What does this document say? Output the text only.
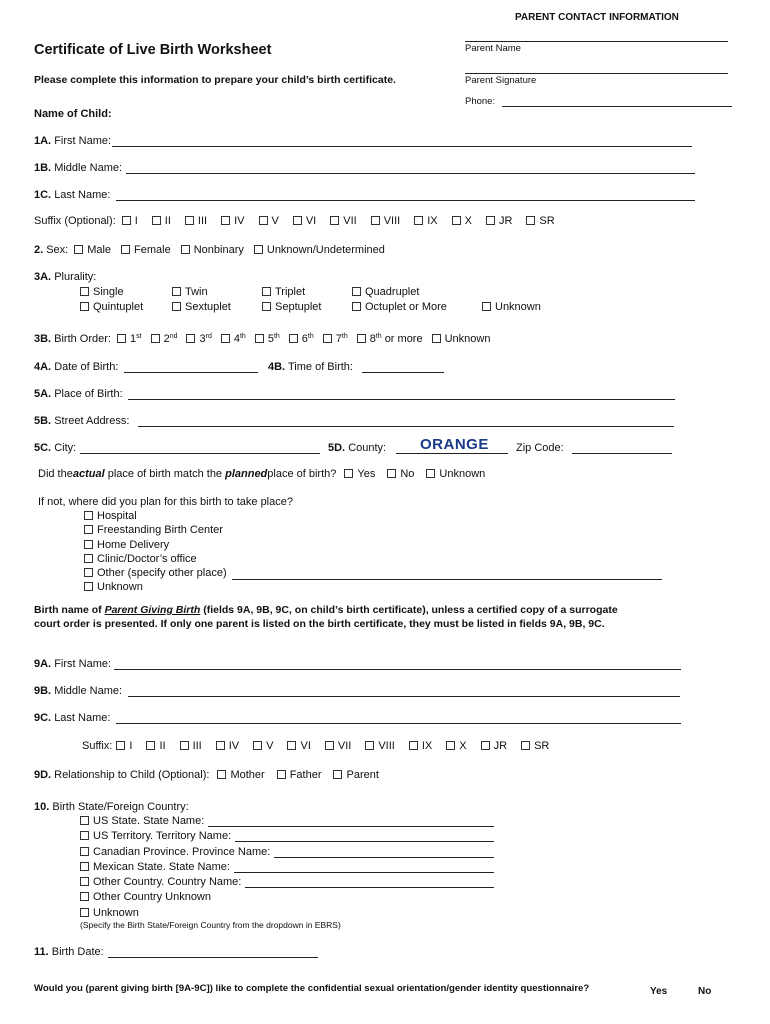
PARENT CONTACT INFORMATION
Parent Name
Parent Signature
Phone:
Certificate of Live Birth Worksheet
Please complete this information to prepare your child’s birth certificate.
Name of Child:
1A. First Name:
1B. Middle Name:
1C. Last Name:
Suffix (Optional):	I	II	III	IV	V	VI	VII	VIII	IX	X	JR	SR
2. Sex:	Male	Female	Nonbinary	Unknown/Undetermined
3A. Plurality:
Single	Twin	Triplet	Quadruplet
Quintuplet	Sextuplet	Septuplet	Octuplet or More	Unknown
3B. Birth Order:	1st	2nd	3rd	4th	5th	6th	7th	8th or more	Unknown
4A. Date of Birth:	4B. Time of Birth:
5A. Place of Birth:
5B. Street Address:
5C. City:	5D. County: ORANGE Zip Code:
Did the actual place of birth match the planned place of birth?	Yes	No	Unknown
If not, where did you plan for this birth to take place?
Hospital
Freestanding Birth Center
Home Delivery
Clinic/Doctor’s office
Other (specify other place)
Unknown
Birth name of Parent Giving Birth (fields 9A, 9B, 9C, on child’s birth certificate), unless a certified copy of a surrogate
court order is presented. If only one parent is listed on the birth certificate, they must be listed in fields 9A, 9B, 9C.
9A. First Name:
9B. Middle Name:
9C. Last Name:
Suffix:	I	II	III	IV	V	VI	VII	VIII	IX	X	JR	SR
9D. Relationship to Child (Optional):	Mother	Father	Parent
10. Birth State/Foreign Country:
US State. State Name:
US Territory. Territory Name:
Canadian Province. Province Name:
Mexican State. State Name:
Other Country. Country Name:
Other Country Unknown
Unknown
(Specify the Birth State/Foreign Country from the dropdown in EBRS)
11. Birth Date:
Would you (parent giving birth [9A-9C]) like to complete the confidential sexual orientation/gender identity questionnaire?	Yes	No
